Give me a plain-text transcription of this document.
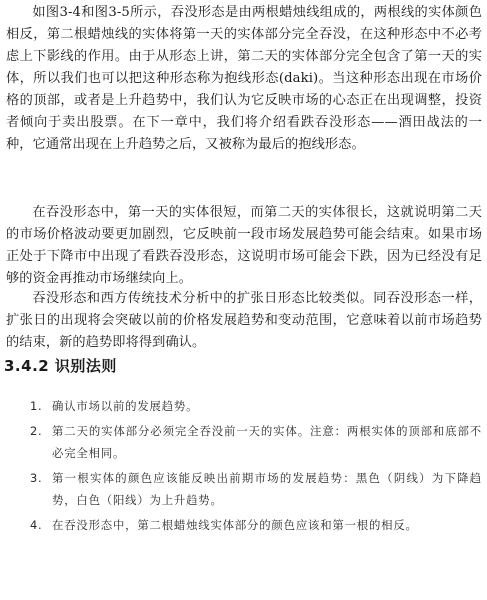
如图3-4和图3-5所示，吞没形态是由两根蜡烛线组成的，两根线的实体颜色相反，第二根蜡烛线的实体将第一天的实体部分完全吞没，在这种形态中不必考虑上下影线的作用。由于从形态上讲，第二天的实体部分完全包含了第一天的实体，所以我们也可以把这种形态称为抱线形态(daki)。当这种形态出现在市场价格的顶部，或者是上升趋势中，我们认为它反映市场的心态正在出现调整，投资者倾向于卖出股票。在下一章中，我们将介绍看跌吞没形态——酒田战法的一种，它通常出现在上升趋势之后，又被称为最后的抱线形态。

在吞没形态中，第一天的实体很短，而第二天的实体很长，这就说明第二天的市场价格波动要更加剧烈，它反映前一段市场发展趋势可能会结束。如果市场正处于下降市中出现了看跌吞没形态，这说明市场可能会下跌，因为已经没有足够的资金再推动市场继续向上。

吞没形态和西方传统技术分析中的扩张日形态比较类似。同吞没形态一样，扩张日的出现将会突破以前的价格发展趋势和变动范围，它意味着以前市场趋势的结束，新的趋势即将得到确认。

3.4.2 识别法则
1. 确认市场以前的发展趋势。
2. 第二天的实体部分必须完全吞没前一天的实体。注意：两根实体的顶部和底部不必完全相同。
3. 第一根实体的颜色应该能反映出前期市场的发展趋势：黑色（阴线）为下降趋势，白色（阳线）为上升趋势。
4. 在吞没形态中，第二根蜡烛线实体部分的颜色应该和第一根的相反。
